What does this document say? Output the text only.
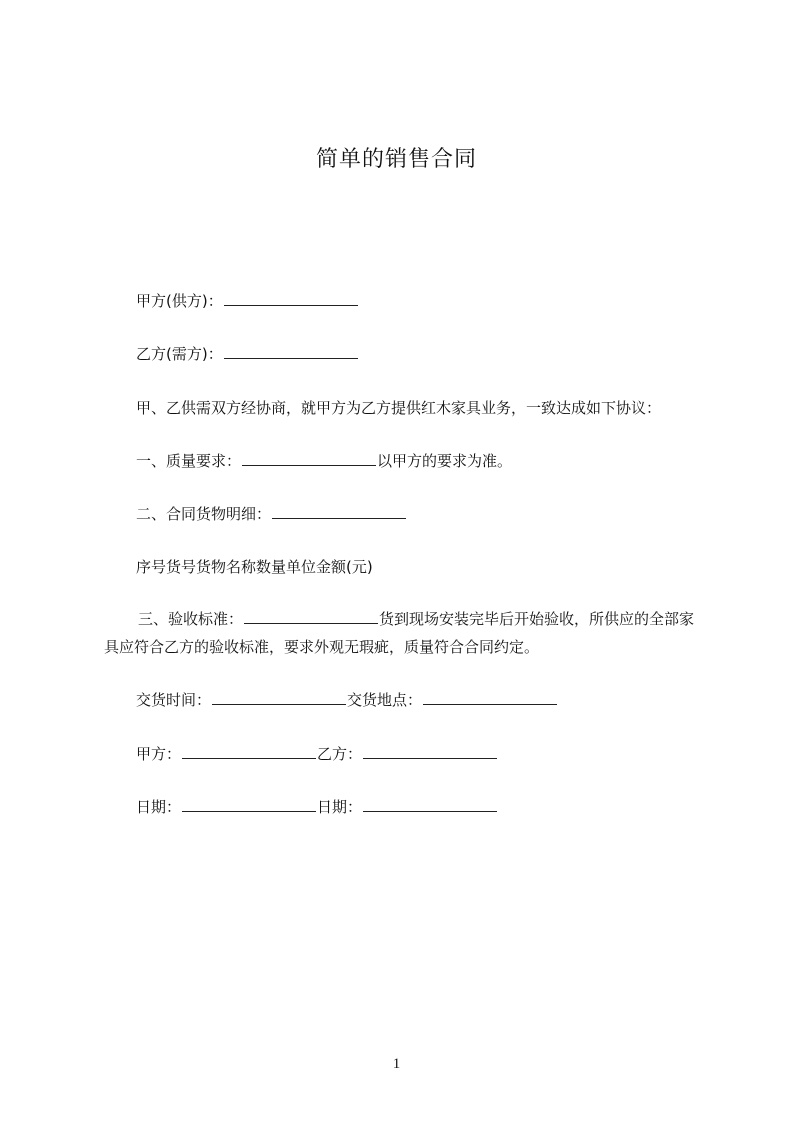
简单的销售合同
甲方(供方)：
乙方(需方)：
甲、乙供需双方经协商，就甲方为乙方提供红木家具业务，一致达成如下协议：
一、质量要求：	以甲方的要求为准。
二、合同货物明细：
序号货号货物名称数量单位金额(元)
三、验收标准：	货到现场安装完毕后开始验收，所供应的全部家具应符合乙方的验收标准，要求外观无瑕疵，质量符合合同约定。
交货时间：	交货地点：
甲方：	乙方：
日期：	日期：
1
